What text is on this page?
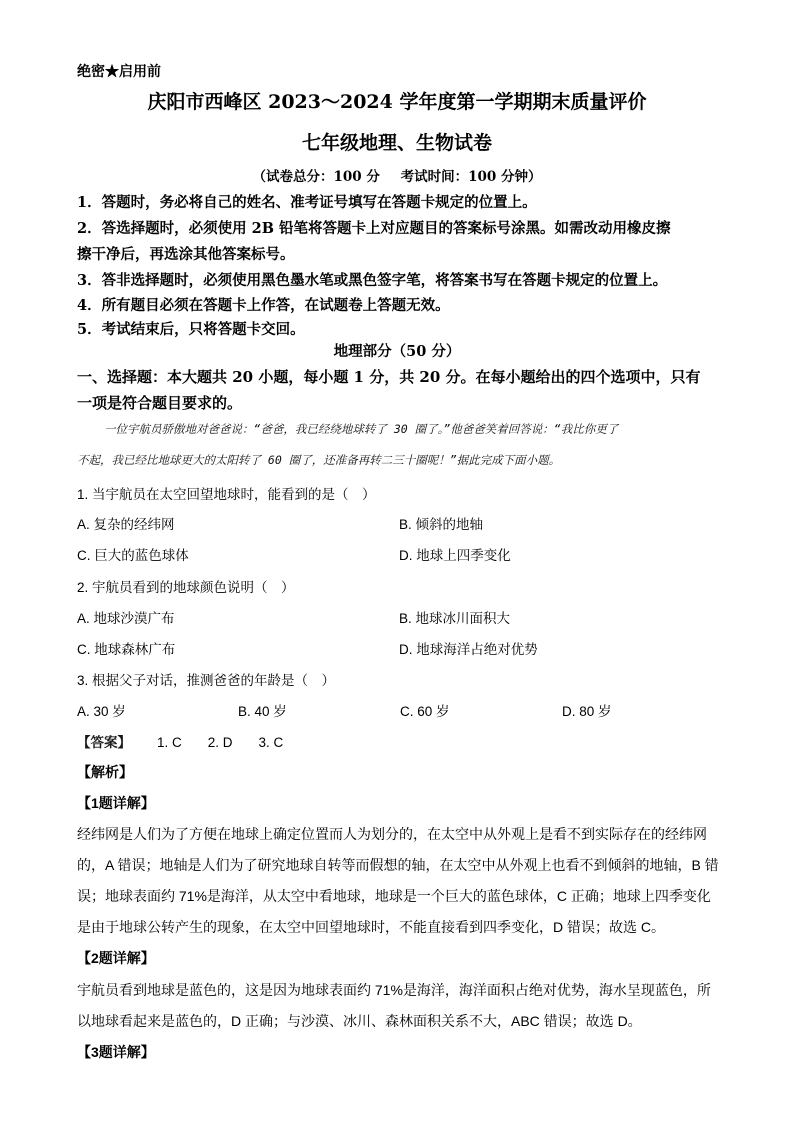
绝密★启用前
庆阳市西峰区 2023～2024 学年度第一学期期末质量评价
七年级地理、生物试卷
（试卷总分：100 分 考试时间：100 分钟）
1．答题时，务必将自己的姓名、准考证号填写在答题卡规定的位置上。
2．答选择题时，必须使用 2B 铅笔将答题卡上对应题目的答案标号涂黑。如需改动用橡皮擦
擦干净后，再选涂其他答案标号。
3．答非选择题时，必须使用黑色墨水笔或黑色签字笔，将答案书写在答题卡规定的位置上。
4．所有题目必须在答题卡上作答，在试题卷上答题无效。
5．考试结束后，只将答题卡交回。
地理部分（50 分）
一、选择题：本大题共 20 小题，每小题 1 分，共 20 分。在每小题给出的四个选项中，只有
一项是符合题目要求的。
一位宇航员骄傲地对爸爸说：“爸爸，我已经绕地球转了 30 圈了。”他爸爸笑着回答说：“我比你更了
不起，我已经比地球更大的太阳转了 60 圈了，还准备再转二三十圈呢！”据此完成下面小题。
1. 当宇航员在太空回望地球时，能看到的是（　）
A. 复杂的经纬网	B. 倾斜的地轴
C. 巨大的蓝色球体	D. 地球上四季变化
2. 宇航员看到的地球颜色说明（　）
A. 地球沙漠广布	B. 地球冰川面积大
C. 地球森林广布	D. 地球海洋占绝对优势
3. 根据父子对话，推测爸爸的年龄是（　）
A. 30 岁	B. 40 岁	C. 60 岁	D. 80 岁
【答案】 1. C 2. D 3. C
【解析】
【1题详解】
经纬网是人们为了方便在地球上确定位置而人为划分的，在太空中从外观上是看不到实际存在的经纬网
的，A 错误；地轴是人们为了研究地球自转等而假想的轴，在太空中从外观上也看不到倾斜的地轴，B 错
误；地球表面约 71%是海洋，从太空中看地球，地球是一个巨大的蓝色球体，C 正确；地球上四季变化
是由于地球公转产生的现象，在太空中回望地球时，不能直接看到四季变化，D 错误；故选 C。
【2题详解】
宇航员看到地球是蓝色的，这是因为地球表面约 71%是海洋，海洋面积占绝对优势，海水呈现蓝色，所
以地球看起来是蓝色的，D 正确；与沙漠、冰川、森林面积关系不大，ABC 错误；故选 D。
【3题详解】
